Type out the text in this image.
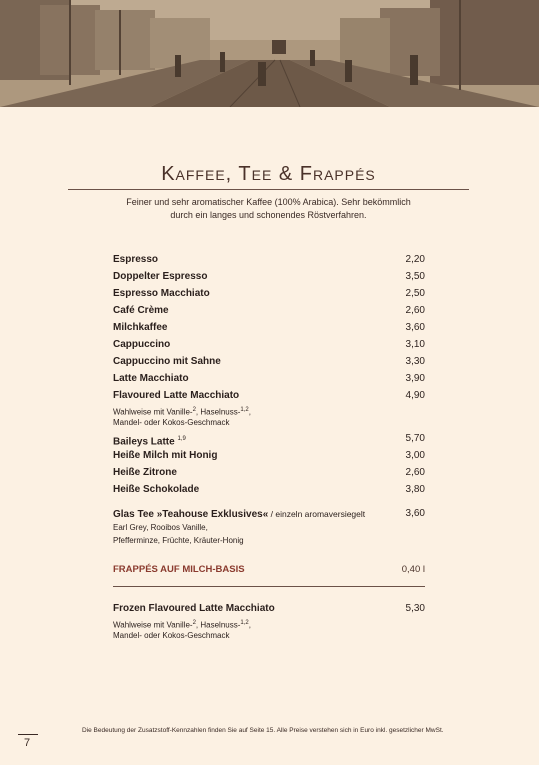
Kaffee, Tee & Frappés
Feiner und sehr aromatischer Kaffee (100% Arabica). Sehr bekömmlich
durch ein langes und schonendes Röstverfahren.
Espresso	2,20
Doppelter Espresso	3,50
Espresso Macchiato	2,50
Café Crème	2,60
Milchkaffee	3,60
Cappuccino	3,10
Cappuccino mit Sahne	3,30
Latte Macchiato	3,90
Flavoured Latte Macchiato	4,90
Wahlweise mit Vanille-$^2$, Haselnuss-$^{1,2}$,
Mandel- oder Kokos-Geschmack
Baileys Latte $^{1,9}$	5,70
Heiße Milch mit Honig	3,00
Heiße Zitrone	2,60
Heiße Schokolade	3,80
Glas Tee »Teahouse Exklusives« / einzeln aromaversiegelt	3,60
Earl Grey, Rooibos Vanille,
Pfefferminze, Früchte, Kräuter-Honig
FRAPPÉS AUF MILCH-BASIS	0,40 l
Frozen Flavoured Latte Macchiato	5,30
Wahlweise mit Vanille-$^2$, Haselnuss-$^{1,2}$,
Mandel- oder Kokos-Geschmack
Die Bedeutung der Zusatzstoff-Kennzahlen finden Sie auf Seite 15. Alle Preise verstehen sich in Euro inkl. gesetzlicher MwSt.
7
